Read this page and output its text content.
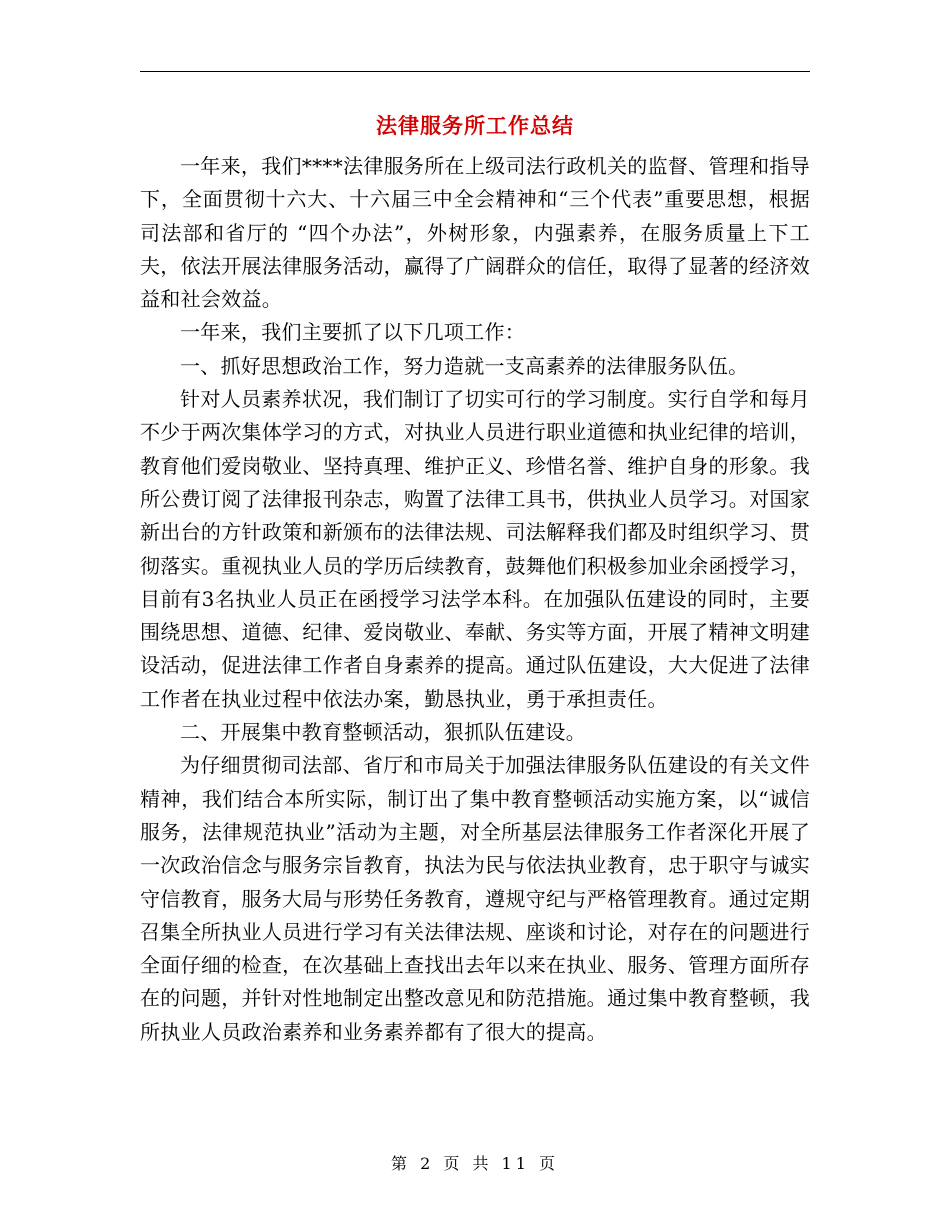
法律服务所工作总结

一年来，我们****法律服务所在上级司法行政机关的监督、管理和指导下，全面贯彻十六大、十六届三中全会精神和“三个代表”重要思想，根据司法部和省厅的 “四个办法”，外树形象，内强素养，在服务质量上下工夫，依法开展法律服务活动，赢得了广阔群众的信任，取得了显著的经济效益和社会效益。

一年来，我们主要抓了以下几项工作：

一、抓好思想政治工作，努力造就一支高素养的法律服务队伍。

针对人员素养状况，我们制订了切实可行的学习制度。实行自学和每月不少于两次集体学习的方式，对执业人员进行职业道德和执业纪律的培训，教育他们爱岗敬业、坚持真理、维护正义、珍惜名誉、维护自身的形象。我所公费订阅了法律报刊杂志，购置了法律工具书，供执业人员学习。对国家新出台的方针政策和新颁布的法律法规、司法解释我们都及时组织学习、贯彻落实。重视执业人员的学历后续教育，鼓舞他们积极参加业余函授学习，目前有3名执业人员正在函授学习法学本科。在加强队伍建设的同时，主要围绕思想、道德、纪律、爱岗敬业、奉献、务实等方面，开展了精神文明建设活动，促进法律工作者自身素养的提高。通过队伍建设，大大促进了法律工作者在执业过程中依法办案，勤恳执业，勇于承担责任。

二、开展集中教育整顿活动，狠抓队伍建设。

为仔细贯彻司法部、省厅和市局关于加强法律服务队伍建设的有关文件精神，我们结合本所实际，制订出了集中教育整顿活动实施方案，以“诚信服务，法律规范执业”活动为主题，对全所基层法律服务工作者深化开展了一次政治信念与服务宗旨教育，执法为民与依法执业教育，忠于职守与诚实守信教育，服务大局与形势任务教育，遵规守纪与严格管理教育。通过定期召集全所执业人员进行学习有关法律法规、座谈和讨论，对存在的问题进行全面仔细的检查，在次基础上查找出去年以来在执业、服务、管理方面所存在的问题，并针对性地制定出整改意见和防范措施。通过集中教育整顿，我所执业人员政治素养和业务素养都有了很大的提高。

第 2 页 共 11 页
